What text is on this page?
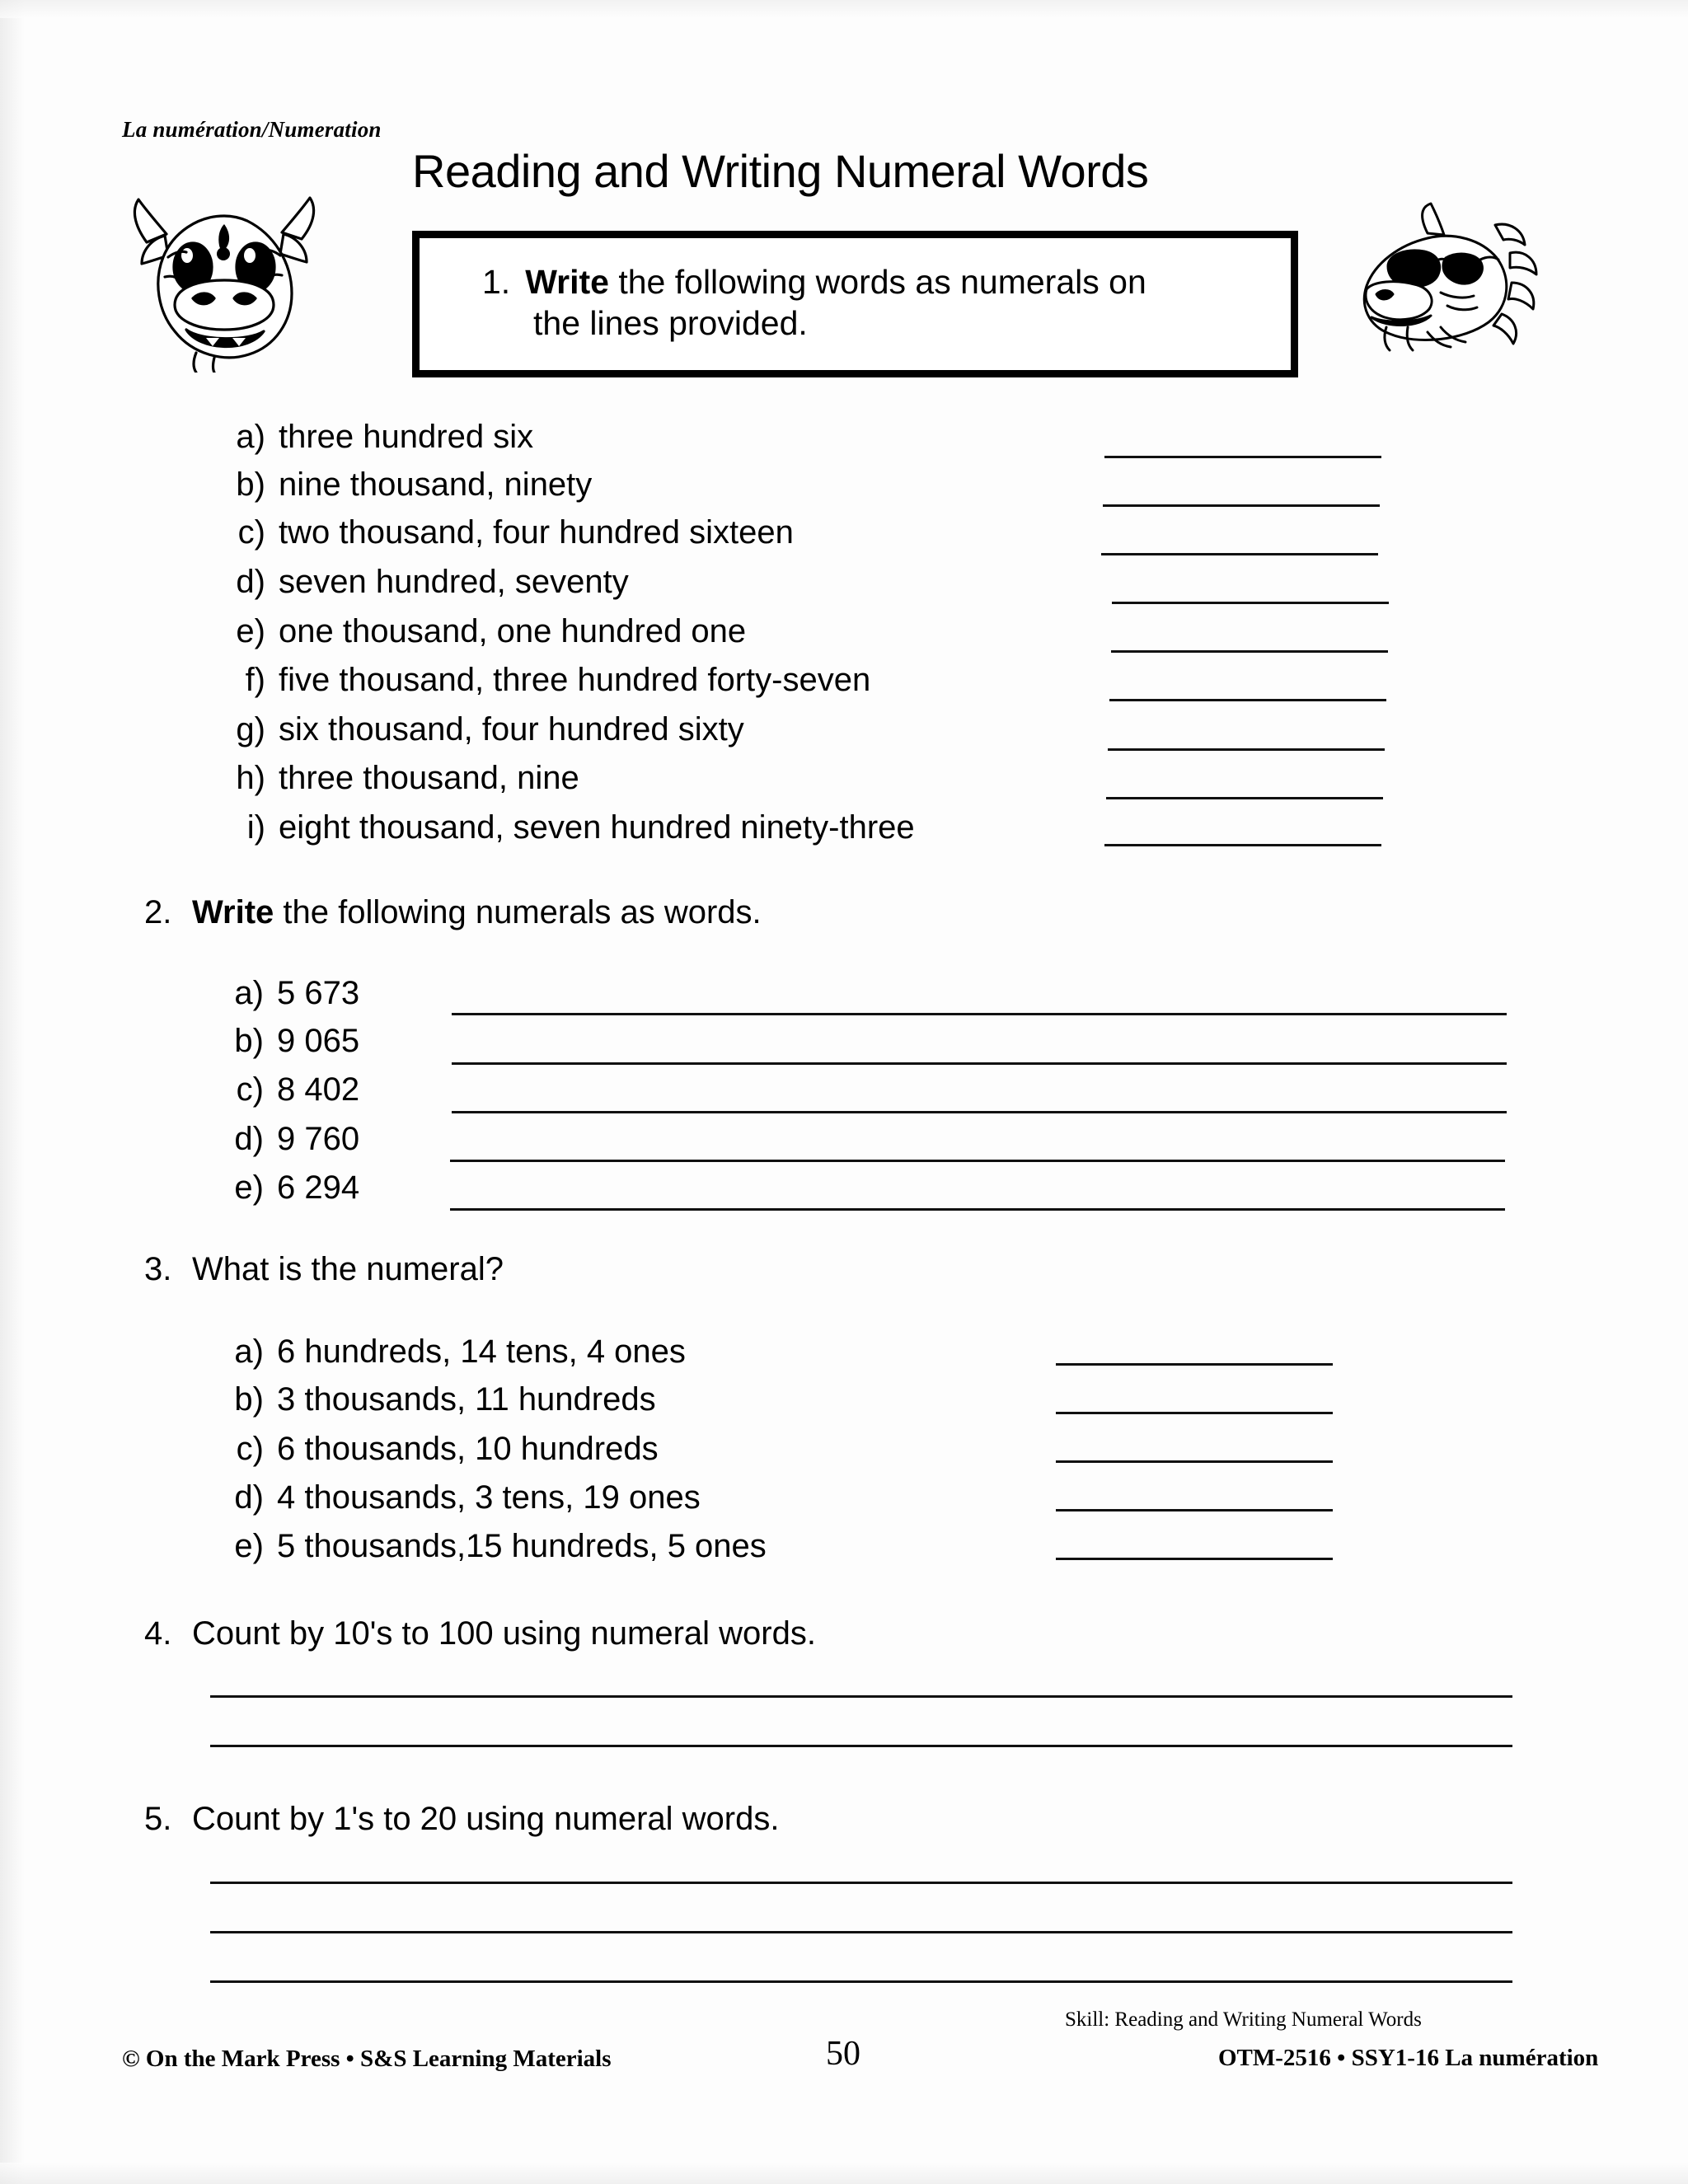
La numération/Numeration
Reading and Writing Numeral Words
1. Write the following words as numerals on
the lines provided.
a) three hundred six
b) nine thousand, ninety
c) two thousand, four hundred sixteen
d) seven hundred, seventy
e) one thousand, one hundred one
f) five thousand, three hundred forty-seven
g) six thousand, four hundred sixty
h) three thousand, nine
i) eight thousand, seven hundred ninety-three
2. Write the following numerals as words.
a) 5 673
b) 9 065
c) 8 402
d) 9 760
e) 6 294
3. What is the numeral?
a) 6 hundreds, 14 tens, 4 ones
b) 3 thousands, 11 hundreds
c) 6 thousands, 10 hundreds
d) 4 thousands, 3 tens, 19 ones
e) 5 thousands,15 hundreds, 5 ones
4. Count by 10's to 100 using numeral words.
5. Count by 1's to 20 using numeral words.
© On the Mark Press • S&S Learning Materials	50
Skill: Reading and Writing Numeral Words
OTM-2516 • SSY1-16 La numération
